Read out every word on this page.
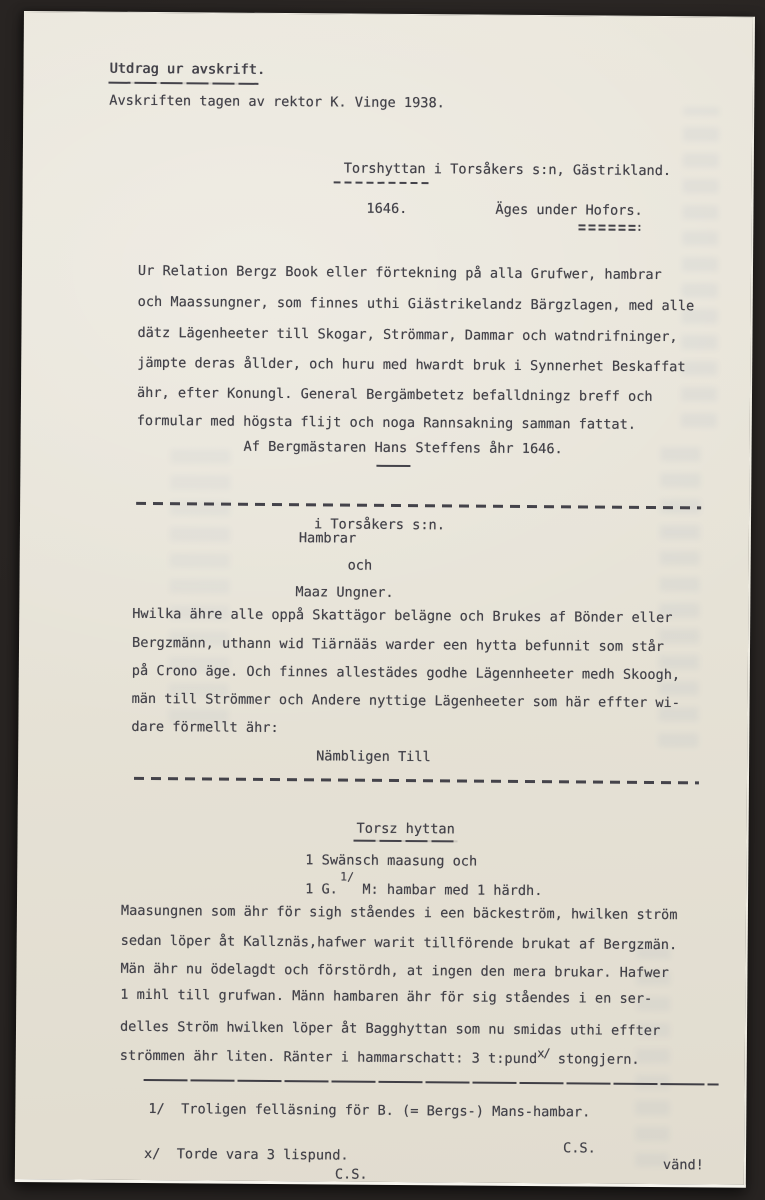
Utdrag ur avskrift.
Avskriften tagen av rektor K. Vinge 1938.
Torshyttan i Torsåkers s:n, Gästrikland.
1646.	Äges under Hofors.
Ur Relation Bergz Book eller förtekning på alla Grufwer, hambrar
och Maassungner, som finnes uthi Giästrikelandz Bärgzlagen, med alle
dätz Lägenheeter till Skogar, Strömmar, Dammar och watndrifninger,
jämpte deras ållder, och huru med hwardt bruk i Synnerhet Beskaffat
ähr, efter Konungl. General Bergämbetetz befalldningz breff och
formular med högsta flijt och noga Rannsakning samman fattat.
Af Bergmästaren Hans Steffens åhr 1646.
i Torsåkers s:n.
Hambrar
och
Maaz Ungner.
Hwilka ähre alle oppå Skattägor belägne och Brukes af Bönder eller
Bergzmänn, uthann wid Tiärnääs warder een hytta befunnit som står
på Crono äge. Och finnes allestädes godhe Lägennheeter medh Skoogh,
män till Strömmer och Andere nyttige Lägenheeter som här effter wi-
dare förmellt ähr:
Nämbligen Till
Torsz hyttan
1 Swänsch maasung och
1/
1 G.   M: hambar med 1 härdh.
Maasungnen som ähr för sigh ståendes i een bäckeström, hwilken ström
sedan löper åt Kallznäs,hafwer warit tillförende brukat af Bergzmän.
Män ähr nu ödelagdt och förstördh, at ingen den mera brukar. Hafwer
1 mihl till grufwan. Männ hambaren ähr för sig ståendes i en ser-
delles Ström hwilken löper åt Bagghyttan som nu smidas uthi effter
strömmen ähr liten. Ränter i hammarschatt: 3 t:pundx/ stongjern.
1/  Troligen felläsning för B. (= Bergs-) Mans-hambar.
C.S.
x/  Torde vara 3 lispund.
C.S.
vänd!
